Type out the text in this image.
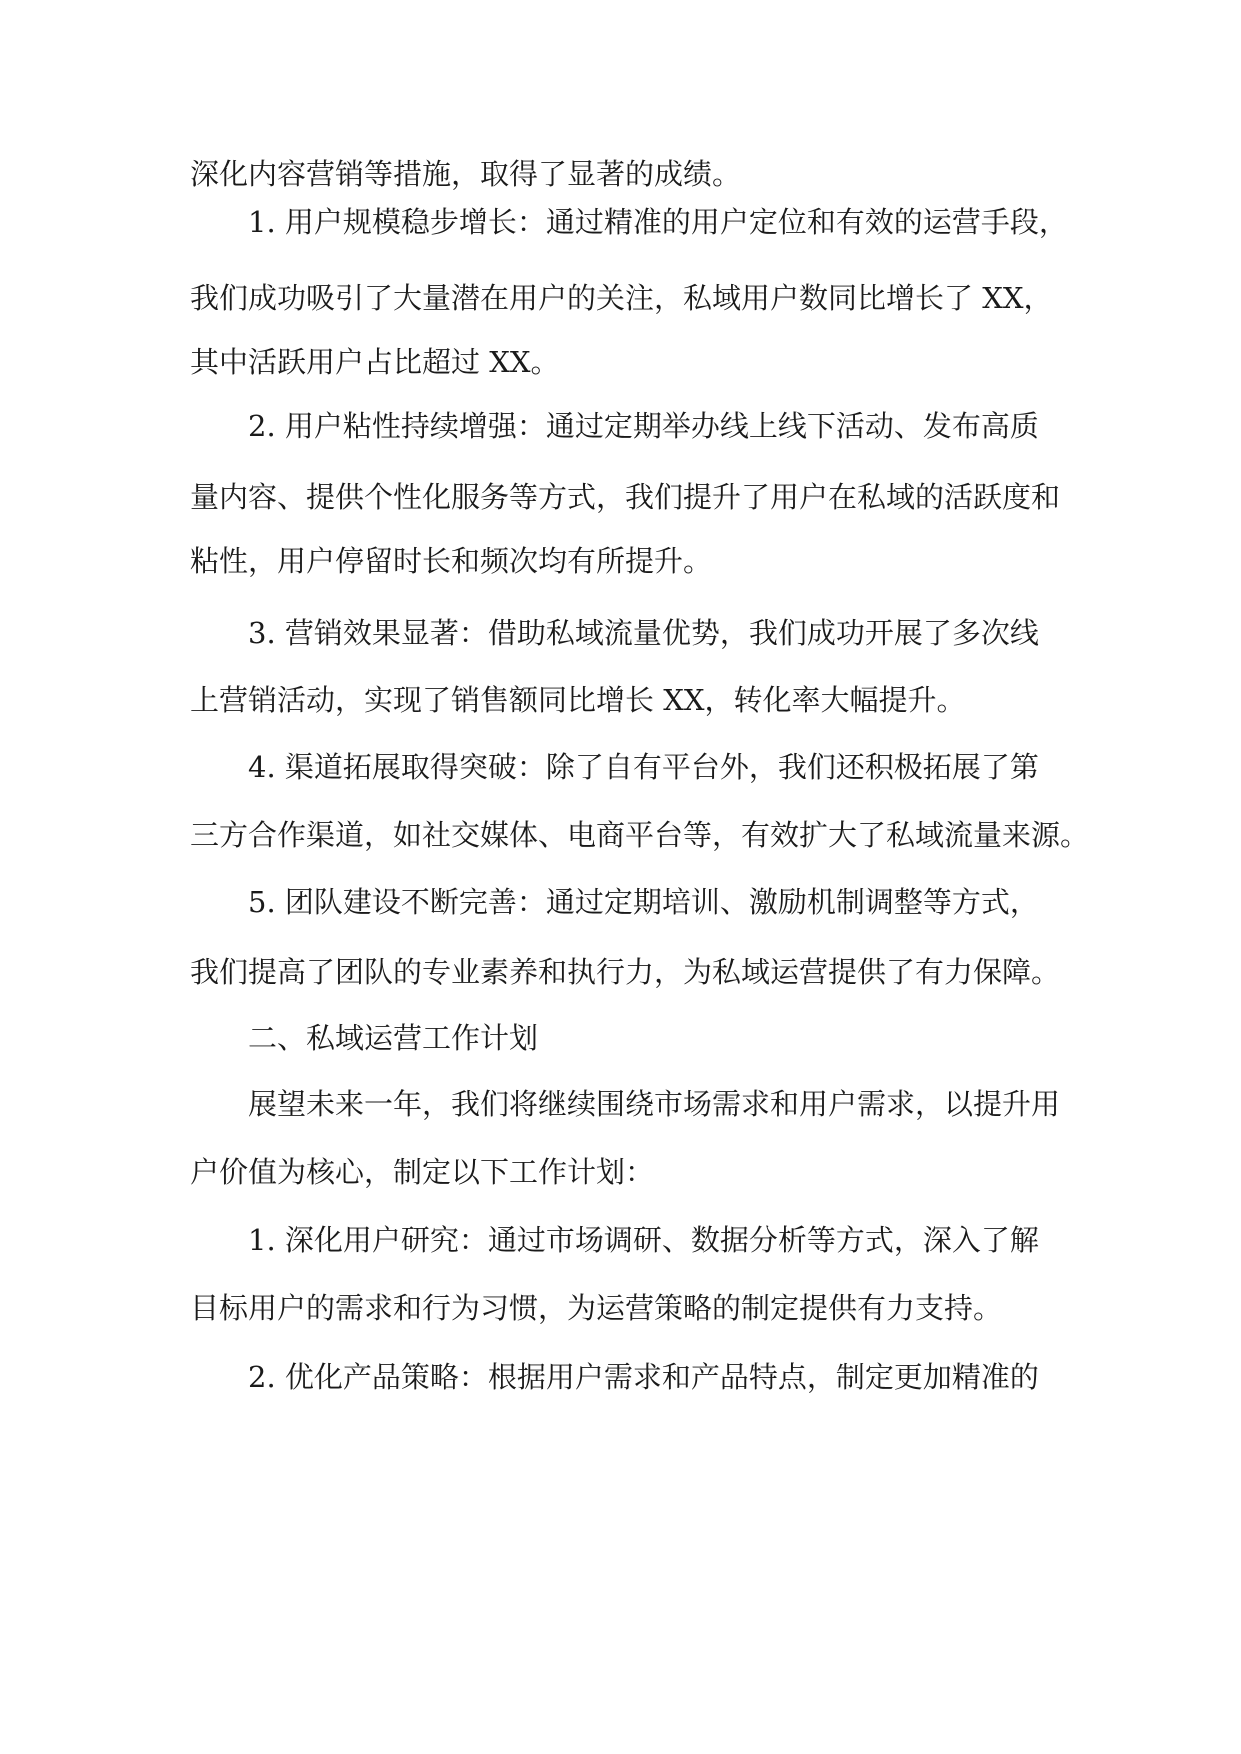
深化内容营销等措施，取得了显著的成绩。
1. 用户规模稳步增长：通过精准的用户定位和有效的运营手段，
我们成功吸引了大量潜在用户的关注，私域用户数同比增长了 XX，
其中活跃用户占比超过 XX。
2. 用户粘性持续增强：通过定期举办线上线下活动、发布高质
量内容、提供个性化服务等方式，我们提升了用户在私域的活跃度和
粘性，用户停留时长和频次均有所提升。
3. 营销效果显著：借助私域流量优势，我们成功开展了多次线
上营销活动，实现了销售额同比增长 XX，转化率大幅提升。
4. 渠道拓展取得突破：除了自有平台外，我们还积极拓展了第
三方合作渠道，如社交媒体、电商平台等，有效扩大了私域流量来源。
5. 团队建设不断完善：通过定期培训、激励机制调整等方式，
我们提高了团队的专业素养和执行力，为私域运营提供了有力保障。
二、私域运营工作计划
展望未来一年，我们将继续围绕市场需求和用户需求，以提升用
户价值为核心，制定以下工作计划：
1. 深化用户研究：通过市场调研、数据分析等方式，深入了解
目标用户的需求和行为习惯，为运营策略的制定提供有力支持。
2. 优化产品策略：根据用户需求和产品特点，制定更加精准的
